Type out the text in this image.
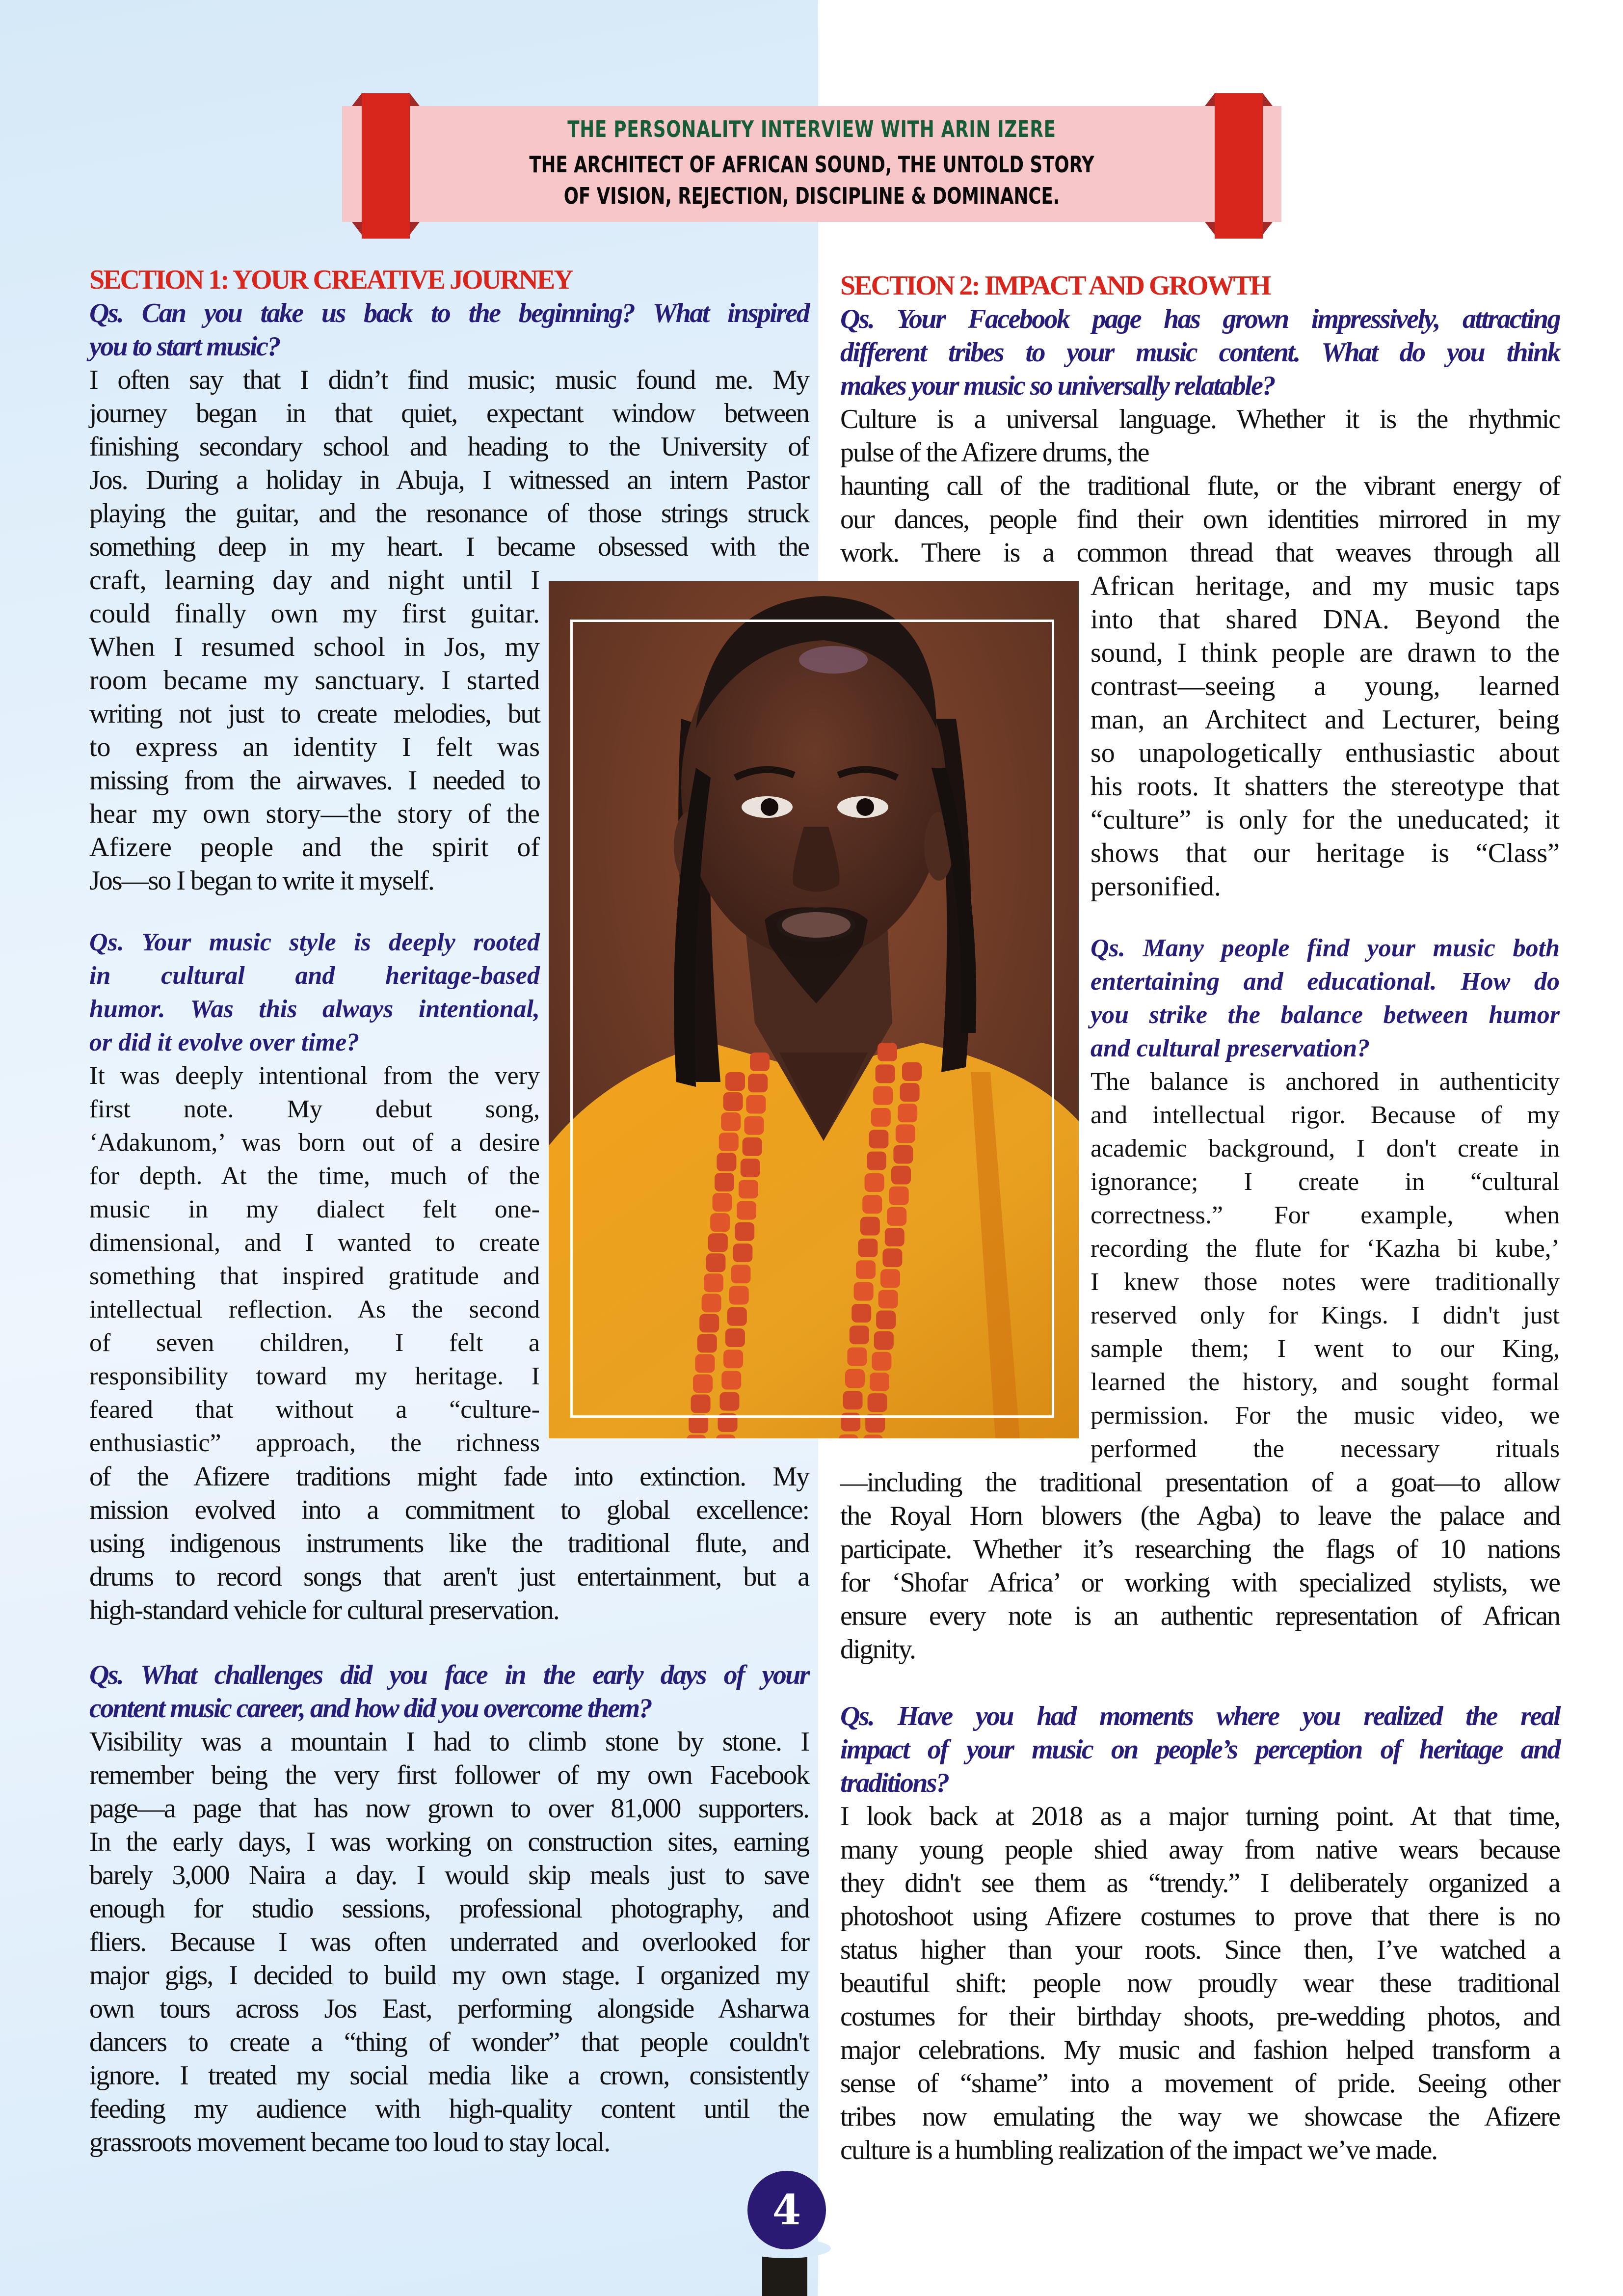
THE PERSONALITY INTERVIEW WITH ARIN IZERE
THE ARCHITECT OF AFRICAN SOUND, THE UNTOLD STORY
OF VISION, REJECTION, DISCIPLINE & DOMINANCE.
SECTION 1: YOUR CREATIVE JOURNEY
Qs. Can you take us back to the beginning? What inspired
you to start music?
I often say that I didn’t find music; music found me. My
journey began in that quiet, expectant window between
finishing secondary school and heading to the University of
Jos. During a holiday in Abuja, I witnessed an intern Pastor
playing the guitar, and the resonance of those strings struck
something deep in my heart. I became obsessed with the
craft, learning day and night until I
could finally own my first guitar.
When I resumed school in Jos, my
room became my sanctuary. I started
writing not just to create melodies, but
to express an identity I felt was
missing from the airwaves. I needed to
hear my own story—the story of the
Afizere people and the spirit of
Jos—so I began to write it myself.
Qs. Your music style is deeply rooted
in cultural and heritage-based
humor. Was this always intentional,
or did it evolve over time?
It was deeply intentional from the very
first note. My debut song,
‘Adakunom,’ was born out of a desire
for depth. At the time, much of the
music in my dialect felt one-
dimensional, and I wanted to create
something that inspired gratitude and
intellectual reflection. As the second
of seven children, I felt a
responsibility toward my heritage. I
feared that without a “culture-
enthusiastic” approach, the richness
of the Afizere traditions might fade into extinction. My
mission evolved into a commitment to global excellence:
using indigenous instruments like the traditional flute, and
drums to record songs that aren't just entertainment, but a
high-standard vehicle for cultural preservation.
Qs. What challenges did you face in the early days of your
content music career, and how did you overcome them?
Visibility was a mountain I had to climb stone by stone. I
remember being the very first follower of my own Facebook
page—a page that has now grown to over 81,000 supporters.
In the early days, I was working on construction sites, earning
barely 3,000 Naira a day. I would skip meals just to save
enough for studio sessions, professional photography, and
fliers. Because I was often underrated and overlooked for
major gigs, I decided to build my own stage. I organized my
own tours across Jos East, performing alongside Asharwa
dancers to create a “thing of wonder” that people couldn't
ignore. I treated my social media like a crown, consistently
feeding my audience with high-quality content until the
grassroots movement became too loud to stay local.
SECTION 2: IMPACT AND GROWTH
Qs. Your Facebook page has grown impressively, attracting
different tribes to your music content. What do you think
makes your music so universally relatable?
Culture is a universal language. Whether it is the rhythmic
pulse of the Afizere drums, the
haunting call of the traditional flute, or the vibrant energy of
our dances, people find their own identities mirrored in my
work. There is a common thread that weaves through all
African heritage, and my music taps
into that shared DNA. Beyond the
sound, I think people are drawn to the
contrast—seeing a young, learned
man, an Architect and Lecturer, being
so unapologetically enthusiastic about
his roots. It shatters the stereotype that
“culture” is only for the uneducated; it
shows that our heritage is “Class”
personified.
Qs. Many people find your music both
entertaining and educational. How do
you strike the balance between humor
and cultural preservation?
The balance is anchored in authenticity
and intellectual rigor. Because of my
academic background, I don't create in
ignorance; I create in “cultural
correctness.” For example, when
recording the flute for ‘Kazha bi kube,’
I knew those notes were traditionally
reserved only for Kings. I didn't just
sample them; I went to our King,
learned the history, and sought formal
permission. For the music video, we
performed the necessary rituals
—including the traditional presentation of a goat—to allow
the Royal Horn blowers (the Agba) to leave the palace and
participate. Whether it’s researching the flags of 10 nations
for ‘Shofar Africa’ or working with specialized stylists, we
ensure every note is an authentic representation of African
dignity.
Qs. Have you had moments where you realized the real
impact of your music on people’s perception of heritage and
traditions?
I look back at 2018 as a major turning point. At that time,
many young people shied away from native wears because
they didn't see them as “trendy.” I deliberately organized a
photoshoot using Afizere costumes to prove that there is no
status higher than your roots. Since then, I’ve watched a
beautiful shift: people now proudly wear these traditional
costumes for their birthday shoots, pre-wedding photos, and
major celebrations. My music and fashion helped transform a
sense of “shame” into a movement of pride. Seeing other
tribes now emulating the way we showcase the Afizere
culture is a humbling realization of the impact we’ve made.
4
